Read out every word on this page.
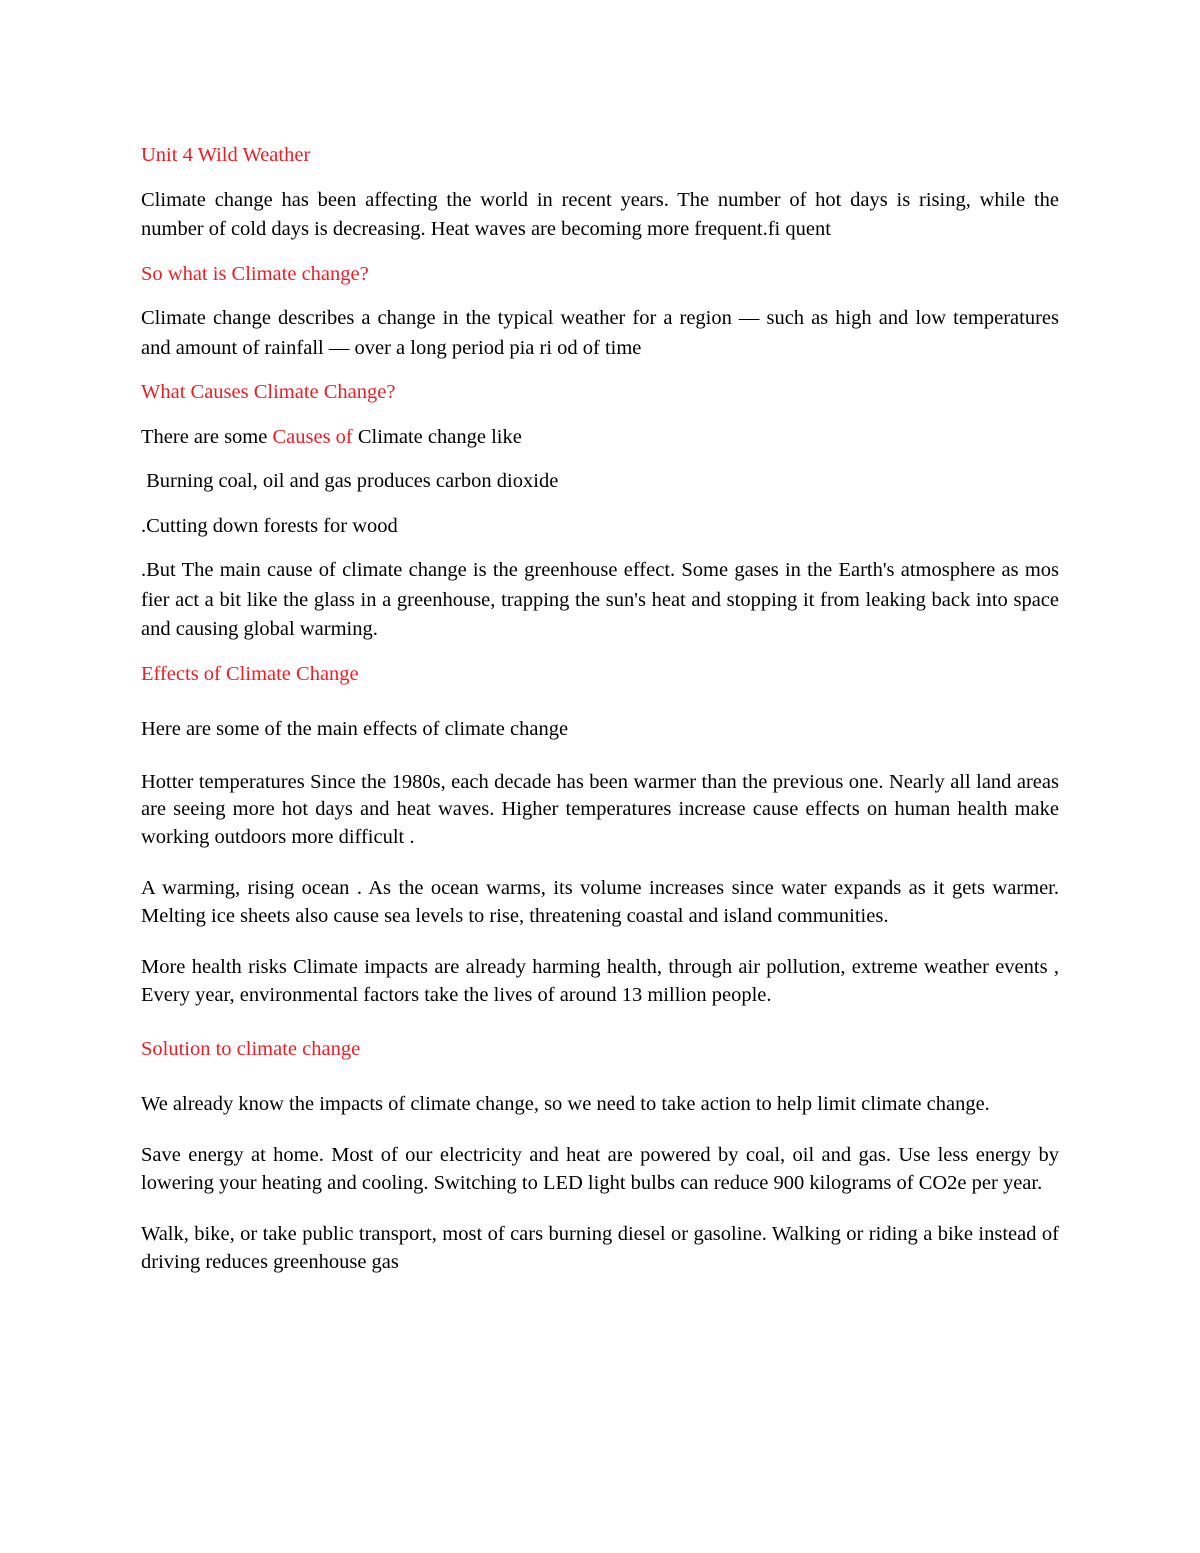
Unit 4 Wild Weather

Climate change has been affecting the world in recent years. The number of hot days is rising, while the number of cold days is decreasing. Heat waves are becoming more frequent.fi quent

So what is Climate change?

Climate change describes a change in the typical weather for a region — such as high and low temperatures and amount of rainfall — over a long period pia ri od of time

What Causes Climate Change?

There are some Causes of Climate change like

Burning coal, oil and gas produces carbon dioxide

.Cutting down forests for wood

.But The main cause of climate change is the greenhouse effect. Some gases in the Earth's atmosphere as mos fier act a bit like the glass in a greenhouse, trapping the sun's heat and stopping it from leaking back into space and causing global warming.

Effects of Climate Change

Here are some of the main effects of climate change

Hotter temperatures Since the 1980s, each decade has been warmer than the previous one. Nearly all land areas are seeing more hot days and heat waves. Higher temperatures increase cause effects on human health make working outdoors more difficult .

A warming, rising ocean . As the ocean warms, its volume increases since water expands as it gets warmer. Melting ice sheets also cause sea levels to rise, threatening coastal and island communities.

More health risks Climate impacts are already harming health, through air pollution, extreme weather events , Every year, environmental factors take the lives of around 13 million people.

Solution to climate change

We already know the impacts of climate change, so we need to take action to help limit climate change.

Save energy at home. Most of our electricity and heat are powered by coal, oil and gas. Use less energy by lowering your heating and cooling. Switching to LED light bulbs can reduce 900 kilograms of CO2e per year.

Walk, bike, or take public transport, most of cars burning diesel or gasoline. Walking or riding a bike instead of driving reduces greenhouse gas
